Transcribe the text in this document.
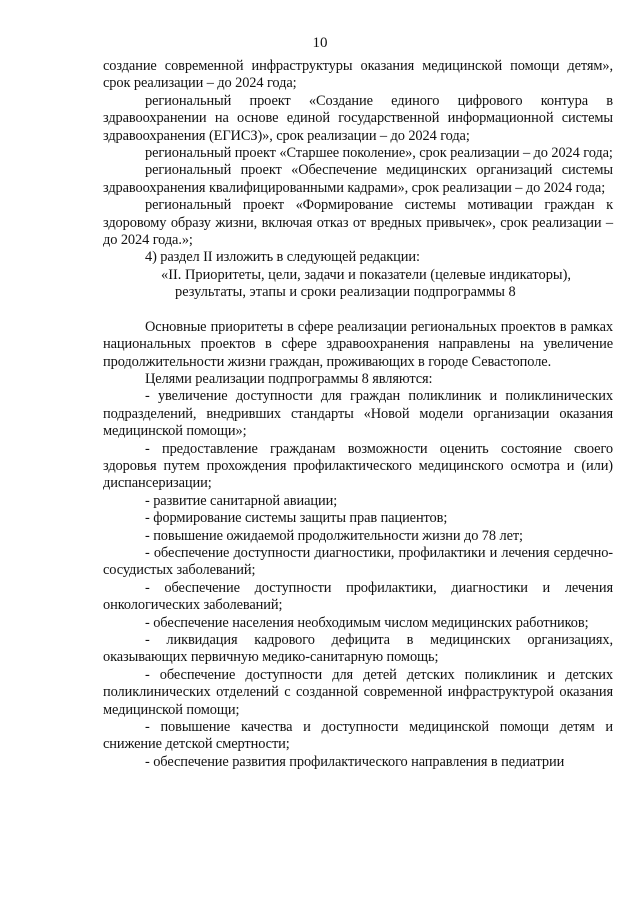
10

создание современной инфраструктуры оказания медицинской помощи детям», срок реализации – до 2024 года;

региональный проект «Создание единого цифрового контура в здравоохранении на основе единой государственной информационной системы здравоохранения (ЕГИСЗ)», срок реализации – до 2024 года;

региональный проект «Старшее поколение», срок реализации – до 2024 года;

региональный проект «Обеспечение медицинских организаций системы здравоохранения квалифицированными кадрами», срок реализации – до 2024 года;

региональный проект «Формирование системы мотивации граждан к здоровому образу жизни, включая отказ от вредных привычек», срок реализации – до 2024 года.»;

4) раздел II изложить в следующей редакции:

«II. Приоритеты, цели, задачи и показатели (целевые индикаторы),

результаты, этапы и сроки реализации подпрограммы 8

Основные приоритеты в сфере реализации региональных проектов в рамках национальных проектов в сфере здравоохранения направлены на увеличение продолжительности жизни граждан, проживающих в городе Севастополе.

Целями реализации подпрограммы 8 являются:

- увеличение доступности для граждан поликлиник и поликлинических подразделений, внедривших стандарты «Новой модели организации оказания медицинской помощи»;

- предоставление гражданам возможности оценить состояние своего здоровья путем прохождения профилактического медицинского осмотра и (или) диспансеризации;

- развитие санитарной авиации;

- формирование системы защиты прав пациентов;

- повышение ожидаемой продолжительности жизни до 78 лет;

- обеспечение доступности диагностики, профилактики и лечения сердечно-сосудистых заболеваний;

- обеспечение доступности профилактики, диагностики и лечения онкологических заболеваний;

- обеспечение населения необходимым числом медицинских работников;

- ликвидация кадрового дефицита в медицинских организациях, оказывающих первичную медико-санитарную помощь;

- обеспечение доступности для детей детских поликлиник и детских поликлинических отделений с созданной современной инфраструктурой оказания медицинской помощи;

- повышение качества и доступности медицинской помощи детям и снижение детской смертности;

- обеспечение развития профилактического направления в педиатрии
